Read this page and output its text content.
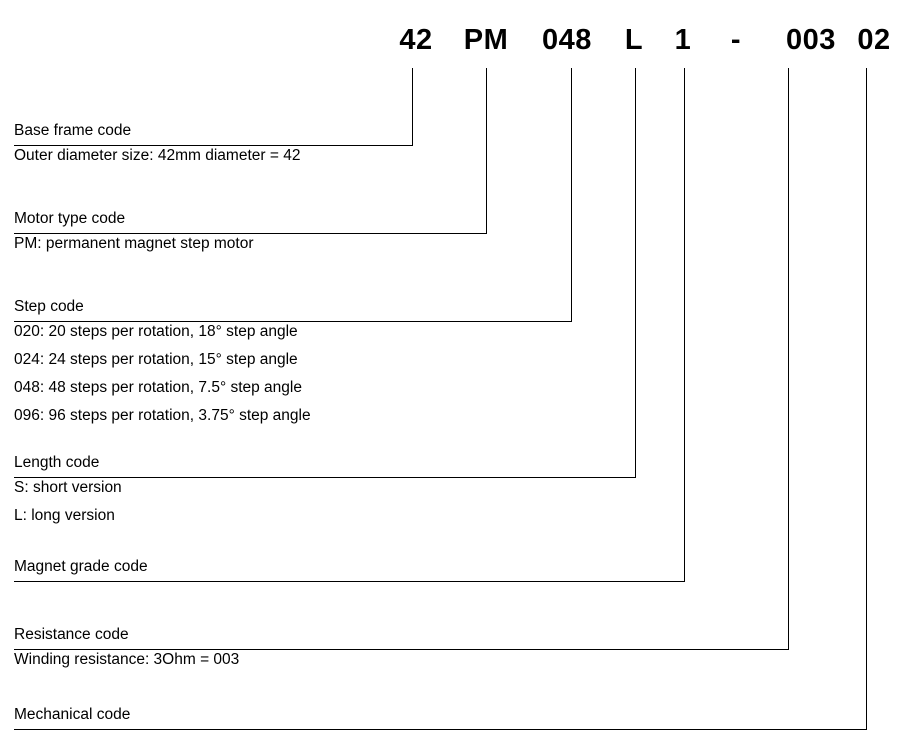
42	PM	048	L 1	-	003 02
Base frame code
Outer diameter size: 42mm diameter = 42
Motor type code
PM: permanent magnet step motor
Step code
020: 20 steps per rotation, 18° step angle
024: 24 steps per rotation, 15° step angle
048: 48 steps per rotation, 7.5° step angle
096: 96 steps per rotation, 3.75° step angle
Length code
S: short version
L: long version
Magnet grade code
Resistance code
Winding resistance: 3Ohm = 003
Mechanical code
